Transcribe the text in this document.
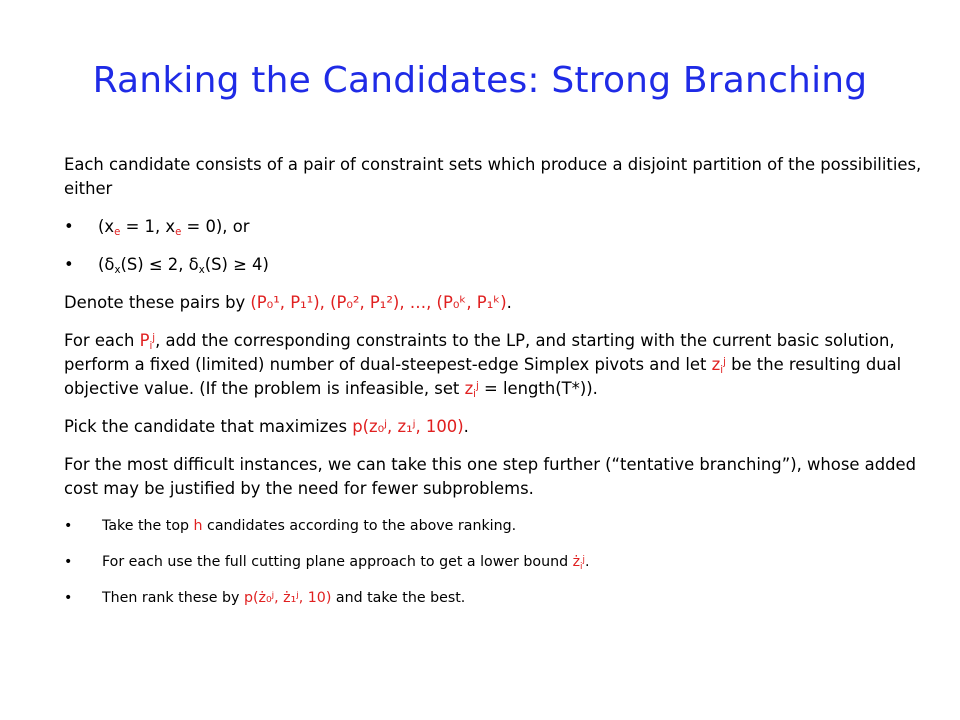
Ranking the Candidates: Strong Branching

Each candidate consists of a pair of constraint sets which produce a disjoint partition of the possibilities, either

• ($x_e = 1$, $x_e = 0$), or
• ($\delta_x(S) \le 2$, $\delta_x(S) \ge 4$)

Denote these pairs by (P₀¹, P₁¹), (P₀², P₁²), …, (P₀ᵏ, P₁ᵏ).

For each $P_i^j$, add the corresponding constraints to the LP, and starting with the current basic solution, perform a fixed (limited) number of dual-steepest-edge Simplex pivots and let $z_i^j$ be the resulting dual objective value. (If the problem is infeasible, set $z_i^j$ = length(T*)).

Pick the candidate that maximizes p(z₀ʲ, z₁ʲ, 100).

For the most difficult instances, we can take this one step further (“tentative branching”), whose added cost may be justified by the need for fewer subproblems.

• Take the top h candidates according to the above ranking.
• For each use the full cutting plane approach to get a lower bound $ż_i^j$.
• Then rank these by p(ż₀ʲ, ż₁ʲ, 10) and take the best.
